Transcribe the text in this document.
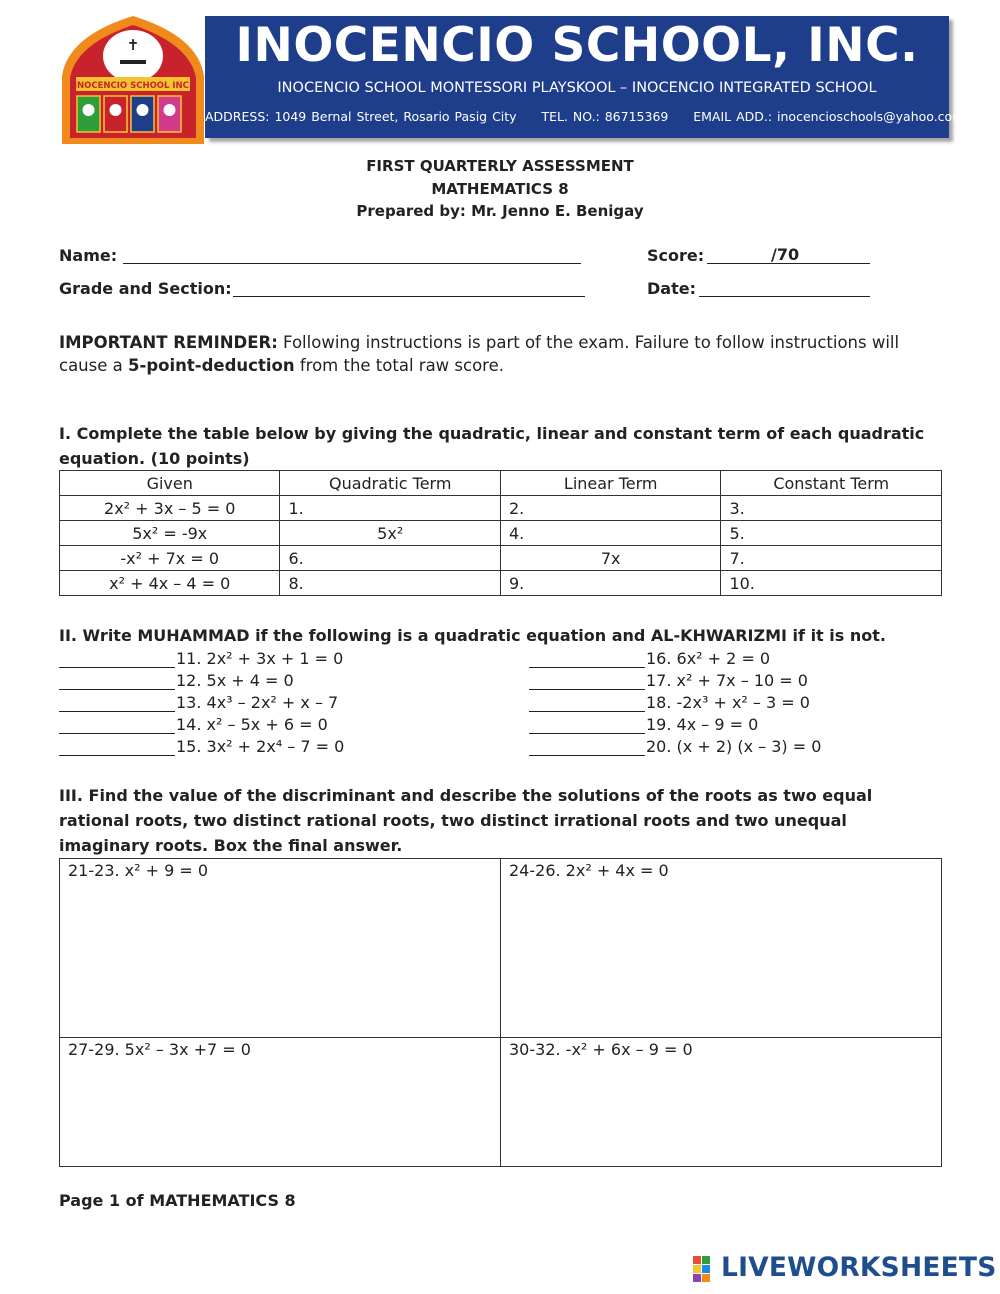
INOCENCIO SCHOOL, INC.
INOCENCIO SCHOOL MONTESSORI PLAYSKOOL – INOCENCIO INTEGRATED SCHOOL
ADDRESS: 1049 Bernal Street, Rosario Pasig City     TEL. NO.: 86715369     EMAIL ADD.: inocencioschools@yahoo.com
✝
INOCENCIO SCHOOL INC.
FIRST QUARTERLY ASSESSMENT
MATHEMATICS 8
Prepared by: Mr. Jenno E. Benigay
Name:
Grade and Section:
Score:	/70
Date:
IMPORTANT REMINDER: Following instructions is part of the exam. Failure to follow instructions will cause a 5-point-deduction from the total raw score.
I. Complete the table below by giving the quadratic, linear and constant term of each quadratic equation. (10 points)
Given	Quadratic Term	Linear Term	Constant Term
2x² + 3x – 5 = 0	1.	2.	3.
5x² = -9x	5x²	4.	5.
-x² + 7x = 0	6.	7x	7.
x² + 4x – 4 = 0	8.	9.	10.
II. Write MUHAMMAD if the following is a quadratic equation and AL-KHWARIZMI if it is not.
11. 2x² + 3x + 1 = 0
12. 5x + 4 = 0
13. 4x³ – 2x² + x – 7
14. x² – 5x + 6 = 0
15. 3x² + 2x⁴ – 7 = 0
16. 6x² + 2 = 0
17. x² + 7x – 10 = 0
18. -2x³ + x² – 3 = 0
19. 4x – 9 = 0
20. (x + 2) (x – 3) = 0
III. Find the value of the discriminant and describe the solutions of the roots as two equal rational roots, two distinct rational roots, two distinct irrational roots and two unequal imaginary roots. Box the final answer.
21-23. x² + 9 = 0	24-26. 2x² + 4x = 0
27-29. 5x² – 3x +7 = 0	30-32. -x² + 6x – 9 = 0
Page 1 of MATHEMATICS 8
LIVEWORKSHEETS
